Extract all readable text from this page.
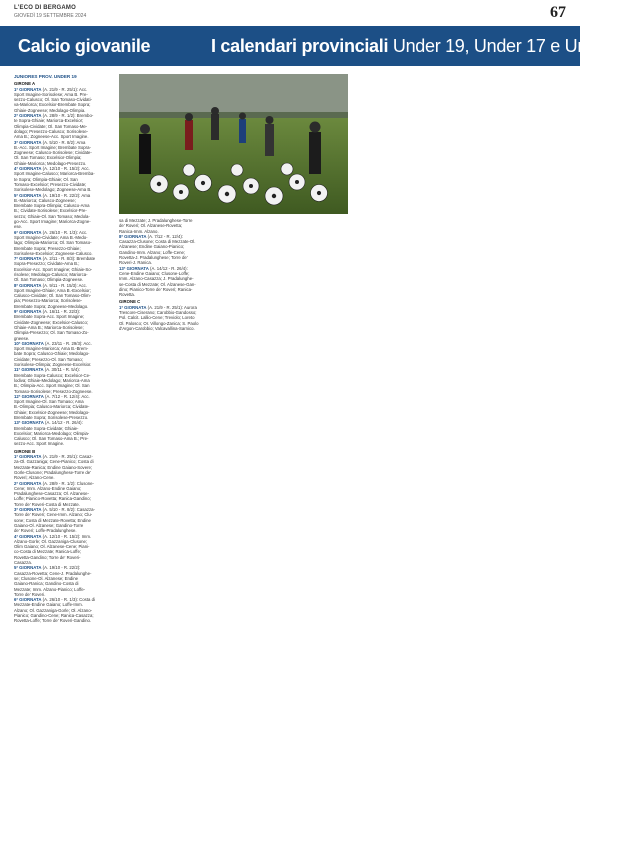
L'ECO DI BERGAMO
GIOVEDÌ 19 SETTEMBRE 2024	67
Calcio giovanile	I calendari provinciali Under 19, Under 17 e Under 16
JUNIORES PROV. UNDER 19
GIRONE A
1ª GIORNATA (A. 21/9 - R. 25/1): Acc.
Sport Imagine-Sorisolese; Ama B. Pre-
sezzo-Calusco; Ol. San Tomaso-Cividati-
va-Mariorca; Excelsior-Brembate Sopra;
Ghiaie-Zogneese; Medolago-Olimpia.
2ª GIORNATA (A. 28/9 - R. 1/2): Brembo-
te Sopra-Ghiaie; Mariorca-Excelsior;
Olimpia-Cividate; Ol. San Tomaso-Me-
dolago; Presezzo-Calusco; Sorisolese-
Ama B.; Zogneese-Acc. Sport Imagine.
3ª GIORNATA (A. 5/10 - R. 8/2): Ama
B.-Acc. Sport Imagine; Brembate Sopra-
Zogneese; Calusco-Sorisolese; Cividate-
Ol. San Tomaso; Excelsior-Olimpia;
Ghiaie-Mariorca; Medolago-Presezzo.
4ª GIORNATA (A. 12/10 - R. 15/2): Acc.
Sport Imagine-Calusco; Mariorca-Bremba-
te Sopra; Olimpia-Ghiaie; Ol. San
Tomaso-Excelsior; Presezzo-Cividate;
Sorisolese-Medolago; Zogneese-Ama B.
5ª GIORNATA (A. 19/10 - R. 22/2): Ama
B.-Mariorca; Calusco-Zogneese;
Brembate Sopra-Olimpia; Calusco-Ama
B.; Cividate-Sorisolese; Excelsior-Pre-
sezzo; Ghiaie-Ol. San Tomaso; Medola-
go-Acc. Sport Imagine; Mariorca-Zogne-
ese.
6ª GIORNATA (A. 26/10 - R. 1/3): Acc.
Sport Imagine-Cividate; Ama B.-Medo-
lago; Olimpia-Mariorca; Ol. San Tomaso-
Brembate Sopra; Presezzo-Ghiaie;
Sorisolese-Excelsior; Zogneese-Calusco.
7ª GIORNATA (A. 2/11 - R. 8/3): Brembate
Sopra-Presezzo; Cividate-Ama B.;
Excelsior-Acc. Sport Imagine; Ghiaie-So-
risolese; Medolago-Calusco; Mariorca-
Ol. San Tomaso; Olimpia-Zogneese.
8ª GIORNATA (A. 9/11 - R. 15/3): Acc.
Sport Imagine-Ghiaie; Ama B.-Excelsior;
Calusco-Cividate; Ol. San Tomaso-Olim-
pia; Presezzo-Mariorca; Sorisolese-
Brembate Sopra; Zogneese-Medolago.
9ª GIORNATA (A. 16/11 - R. 22/3):
Brembate Sopra-Acc. Sport Imagine;
Cividate-Zogneese; Excelsior-Calusco;
Ghiaie-Ama B.; Mariorca-Sorisolese;
Olimpia-Presezzo; Ol. San Tomaso-Zo-
gneese.
10ª GIORNATA (A. 23/11 - R. 29/3): Acc.
Sport Imagine-Mariorca; Ama B.-Brem-
bate Sopra; Calusco-Ghiaie; Medolago-
Cividate; Presezzo-Ol. San Tomaso;
Sorisolese-Olimpia; Zogneese-Excelsior.
11ª GIORNATA (A. 30/11 - R. 5/4):
Brembate Sopra-Calusco; Excelsior-Ce-
lodiva; Ghiaie-Medolago; Mariorca-Ama
B.; Olimpia-Acc. Sport Imagine; Ol. San
Tomaso-Sorisolese; Presezzo-Zogneese.
12ª GIORNATA (A. 7/12 - R. 12/4): Acc.
Sport Imagine-Ol. San Tomaso; Ama
B.-Olimpia; Calusco-Mariorca; Cividate-
Ghiaie; Excelsior-Zogneese; Medolago-
Brembate Sopra; Sorisolese-Presezzo.
13ª GIORNATA (A. 14/12 - R. 26/4):
Brembate Sopra-Cividate; Ghiaie-
Excelsior; Mariorca-Medolago; Olimpia-
Calusco; Ol. San Tomaso-Ama B.; Pre-
sezzo-Acc. Sport Imagine.
GIRONE B
1ª GIORNATA (A. 21/9 - R. 25/1): Casaz-
za-Ol. Gazzaniga; Cene-Pianico; Costa di
Mezzate-Ranica; Endine Gaiano-Sovere;
Gorle-Clusone; Pradalunghese-Torre de'
Roveri; Alzano-Cene.
2ª GIORNATA (A. 28/9 - R. 1/2): Clusone-
Cene; Imm. Alzano-Endine Gaiano;
Pradalunghese-Casazza; Ol. Alzanese-
Loffe; Pianico-Rovetta; Ranica-Gandino;
Torre de' Roveri-Costa di Mezzate.
3ª GIORNATA (A. 5/10 - R. 8/2): Casazza-
Torre de' Roveri; Cene-Imm. Alzano; Clu-
sone; Costa di Mezzate-Rovetta; Endine
Gaiano-Ol. Alzanese; Gandino-Torre
de' Roveri; Loffe-Pradalunghese.
4ª GIORNATA (A. 12/10 - R. 15/2): Imm.
Alzano-Gorle; Ol. Gazzaniga-Clusone;
Olim Gaiano; Ol. Alzanese-Cene; Piani-
co-Costa di Mezzate; Ranica-Loffe;
Rovetta-Gandino; Torre de' Roveri-
Casazza.
5ª GIORNATA (A. 19/10 - R. 22/2):
Casazza-Rovetta; Cene-J. Pradalunghe-
se; Clusone-Ol. Alzanese; Endine
Gaiano-Ranica; Gandino-Costa di
Mezzate; Imm. Alzano-Pianico; Loffe-
Torre de' Roveri.
6ª GIORNATA (A. 26/10 - R. 1/3): Costa di
Mezzate-Endine Gaiano; Loffe-Imm.
Alzano; Ol. Gazzaniga-Gorle; Ol. Alzano-
Pianico; Gandino-Cene; Ranica-Casazza;
Rovetta-Loffe; Torre de' Roveri-Gandino.
sa di Mezzate; J. Pradalunghese-Torre
de' Roveri; Ol. Alzanese-Rovetta;
Ranica-Imm. Alzano.
8ª GIORNATA (A. 7/12 - R. 12/4):
Casazza-Clusone; Costa di Mezzate-Ol.
Alzanese; Endine Gaiano-Pianico;
Gandino-Imm. Alzano; Loffe-Cene;
Rovetta-J. Pradalunghese; Torre de'
Roveri-J. Ranica.
13ª GIORNATA (A. 14/12 - R. 26/4):
Cene-Endine Gaiano; Clusone-Loffe;
Imm. Alzano-Casazza; J. Pradalunghe-
se-Costa di Mezzate; Ol. Alzanese-Gan-
dino; Pianico-Torre de' Roveri; Ranica-
Rovetta.
GIRONE C
1ª GIORNATA (A. 21/9 - R. 25/1): Aurora
Trescore-Ciserano; Carobbio-Gandosso;
Pol. Calcit. Lallio-Cene; Treviolo; Loreto
Ol. Palosco; Or. Villongo-Zanica; S. Paolo
d'Argon-Carobbio; Valcavallina-Sarnico.
